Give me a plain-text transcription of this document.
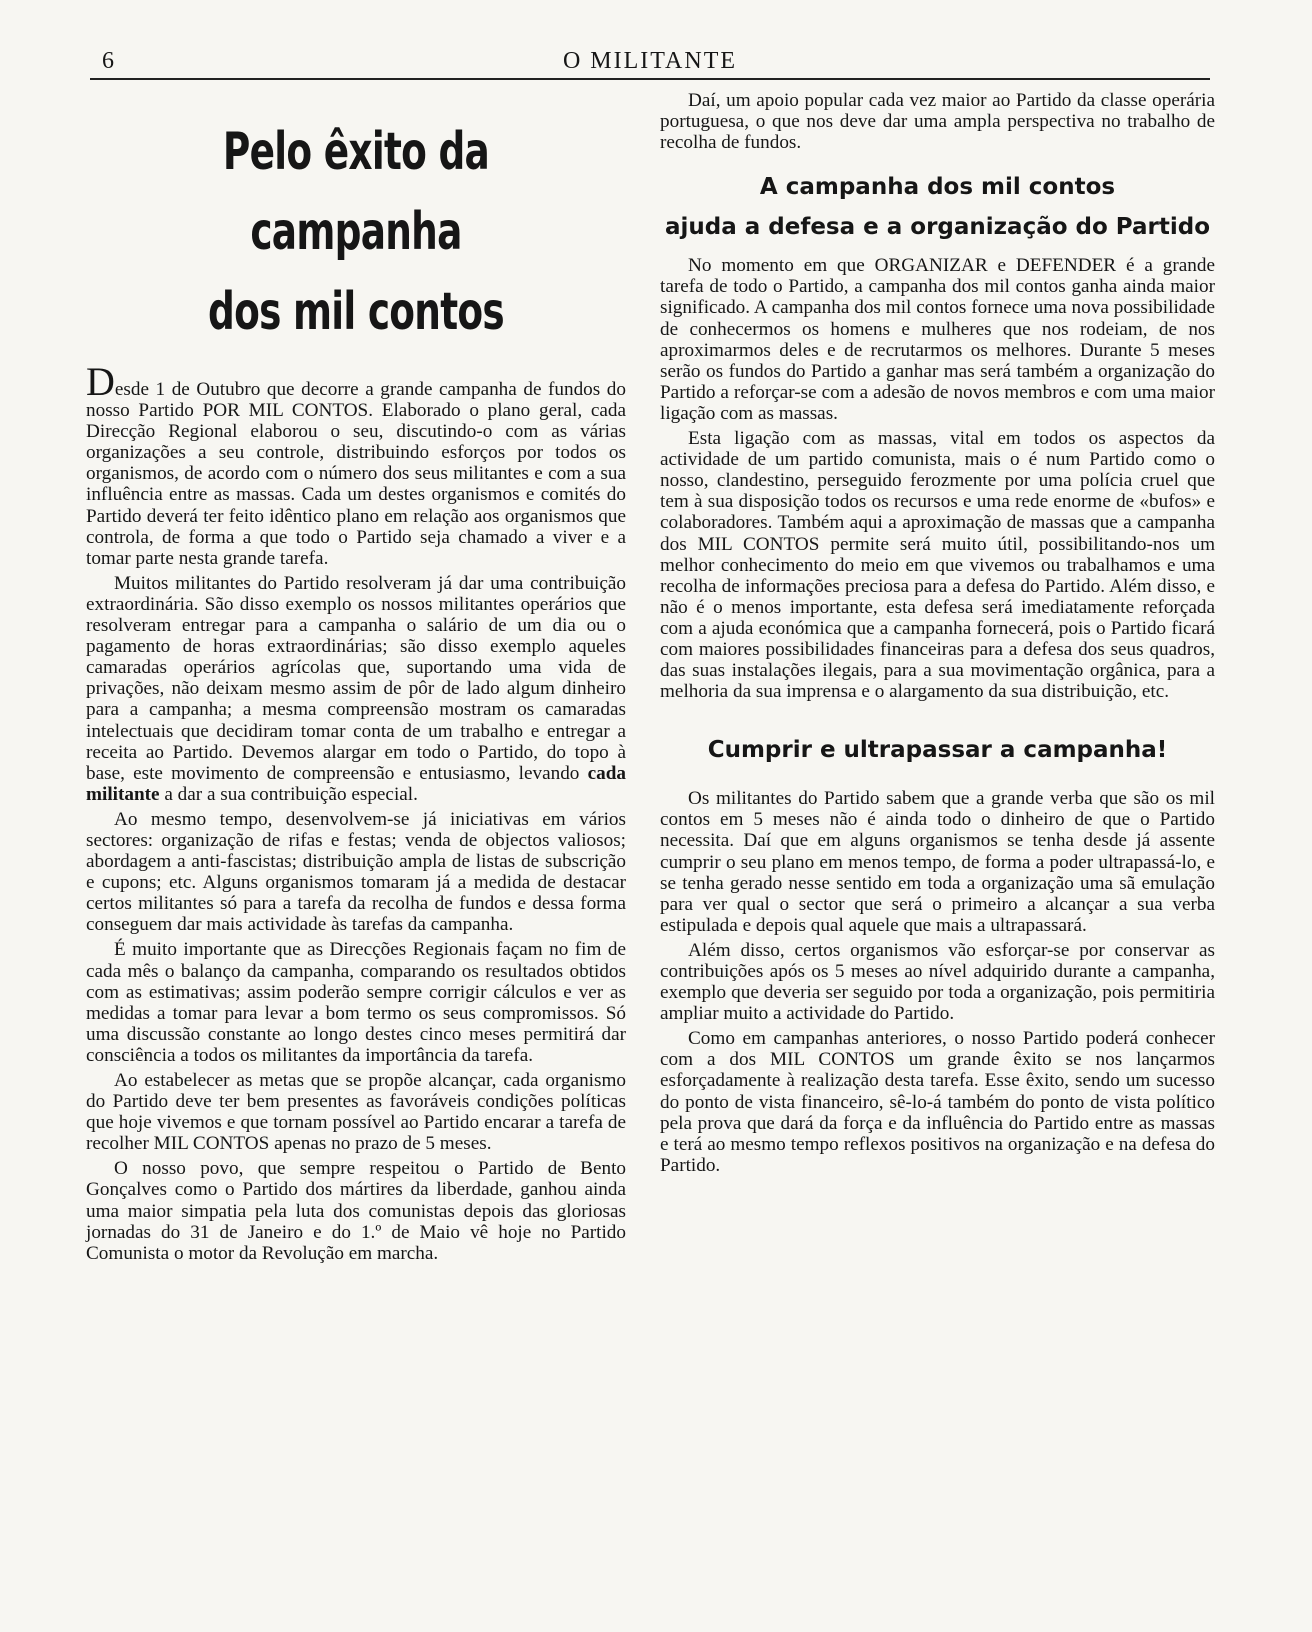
6	O MILITANTE
Pelo êxito da campanha
dos mil contos

Desde 1 de Outubro que decorre a grande campanha de fundos do nosso Partido POR MIL CONTOS. Elaborado o plano geral, cada Direcção Regional elaborou o seu, discutindo-o com as várias organizações a seu controle, distribuindo esforços por todos os organismos, de acordo com o número dos seus militantes e com a sua influência entre as massas. Cada um destes organismos e comités do Partido deverá ter feito idêntico plano em relação aos organismos que controla, de forma a que todo o Partido seja chamado a viver e a tomar parte nesta grande tarefa.

Muitos militantes do Partido resolveram já dar uma contribuição extraordinária. São disso exemplo os nossos militantes operários que resolveram entregar para a campanha o salário de um dia ou o pagamento de horas extraordinárias; são disso exemplo aqueles camaradas operários agrícolas que, suportando uma vida de privações, não deixam mesmo assim de pôr de lado algum dinheiro para a campanha; a mesma compreensão mostram os camaradas intelectuais que decidiram tomar conta de um trabalho e entregar a receita ao Partido. Devemos alargar em todo o Partido, do topo à base, este movimento de compreensão e entusiasmo, levando cada militante a dar a sua contribuição especial.

Ao mesmo tempo, desenvolvem-se já iniciativas em vários sectores: organização de rifas e festas; venda de objectos valiosos; abordagem a anti-fascistas; distribuição ampla de listas de subscrição e cupons; etc. Alguns organismos tomaram já a medida de destacar certos militantes só para a tarefa da recolha de fundos e dessa forma conseguem dar mais actividade às tarefas da campanha.

É muito importante que as Direcções Regionais façam no fim de cada mês o balanço da campanha, comparando os resultados obtidos com as estimativas; assim poderão sempre corrigir cálculos e ver as medidas a tomar para levar a bom termo os seus compromissos. Só uma discussão constante ao longo destes cinco meses permitirá dar consciência a todos os militantes da importância da tarefa.

Ao estabelecer as metas que se propõe alcançar, cada organismo do Partido deve ter bem presentes as favoráveis condições políticas que hoje vivemos e que tornam possível ao Partido encarar a tarefa de recolher MIL CONTOS apenas no prazo de 5 meses.

O nosso povo, que sempre respeitou o Partido de Bento Gonçalves como o Partido dos mártires da liberdade, ganhou ainda uma maior simpatia pela luta dos comunistas depois das gloriosas jornadas do 31 de Janeiro e do 1.º de Maio vê hoje no Partido Comunista o motor da Revolução em marcha.

Daí, um apoio popular cada vez maior ao Partido da classe operária portuguesa, o que nos deve dar uma ampla perspectiva no trabalho de recolha de fundos.

A campanha dos mil contos
ajuda a defesa e a organização do Partido

No momento em que ORGANIZAR e DEFENDER é a grande tarefa de todo o Partido, a campanha dos mil contos ganha ainda maior significado. A campanha dos mil contos fornece uma nova possibilidade de conhecermos os homens e mulheres que nos rodeiam, de nos aproximarmos deles e de recrutarmos os melhores. Durante 5 meses serão os fundos do Partido a ganhar mas será também a organização do Partido a reforçar-se com a adesão de novos membros e com uma maior ligação com as massas.

Esta ligação com as massas, vital em todos os aspectos da actividade de um partido comunista, mais o é num Partido como o nosso, clandestino, perseguido ferozmente por uma polícia cruel que tem à sua disposição todos os recursos e uma rede enorme de «bufos» e colaboradores. Também aqui a aproximação de massas que a campanha dos MIL CONTOS permite será muito útil, possibilitando-nos um melhor conhecimento do meio em que vivemos ou trabalhamos e uma recolha de informações preciosa para a defesa do Partido. Além disso, e não é o menos importante, esta defesa será imediatamente reforçada com a ajuda económica que a campanha fornecerá, pois o Partido ficará com maiores possibilidades financeiras para a defesa dos seus quadros, das suas instalações ilegais, para a sua movimentação orgânica, para a melhoria da sua imprensa e o alargamento da sua distribuição, etc.

Cumprir e ultrapassar a campanha!

Os militantes do Partido sabem que a grande verba que são os mil contos em 5 meses não é ainda todo o dinheiro de que o Partido necessita. Daí que em alguns organismos se tenha desde já assente cumprir o seu plano em menos tempo, de forma a poder ultrapassá-lo, e se tenha gerado nesse sentido em toda a organização uma sã emulação para ver qual o sector que será o primeiro a alcançar a sua verba estipulada e depois qual aquele que mais a ultrapassará.

Além disso, certos organismos vão esforçar-se por conservar as contribuições após os 5 meses ao nível adquirido durante a campanha, exemplo que deveria ser seguido por toda a organização, pois permitiria ampliar muito a actividade do Partido.

Como em campanhas anteriores, o nosso Partido poderá conhecer com a dos MIL CONTOS um grande êxito se nos lançarmos esforçadamente à realização desta tarefa. Esse êxito, sendo um sucesso do ponto de vista financeiro, sê-lo-á também do ponto de vista político pela prova que dará da força e da influência do Partido entre as massas e terá ao mesmo tempo reflexos positivos na organização e na defesa do Partido.
